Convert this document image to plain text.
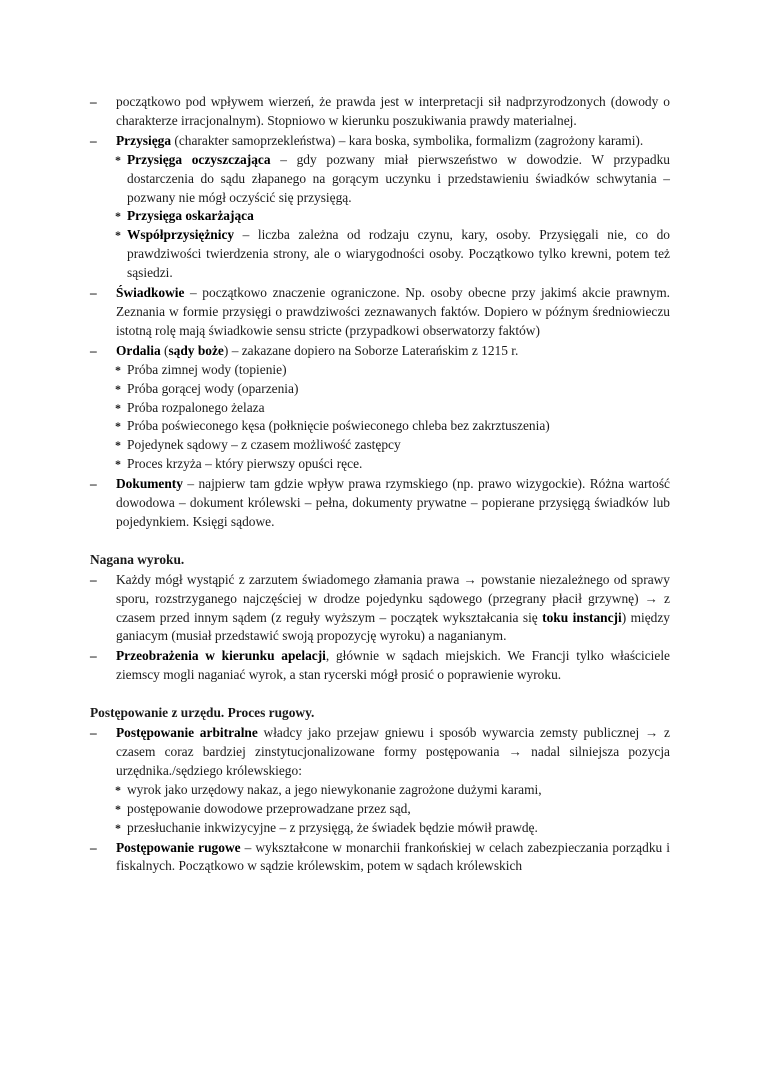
– początkowo pod wpływem wierzeń, że prawda jest w interpretacji sił nadprzyrodzonych (dowody o charakterze irracjonalnym). Stopniowo w kierunku poszukiwania prawdy materialnej.
– Przysięga (charakter samoprzekleństwa) – kara boska, symbolika, formalizm (zagrożony karami).
* Przysięga oczyszczająca – gdy pozwany miał pierwszeństwo w dowodzie. W przypadku dostarczenia do sądu złapanego na gorącym uczynku i przedstawieniu świadków schwytania – pozwany nie mógł oczyścić się przysięgą.
* Przysięga oskarżająca
* Współprzysiężnicy – liczba zależna od rodzaju czynu, kary, osoby. Przysięgali nie, co do prawdziwości twierdzenia strony, ale o wiarygodności osoby. Początkowo tylko krewni, potem też sąsiedzi.
– Świadkowie – początkowo znaczenie ograniczone. Np. osoby obecne przy jakimś akcie prawnym. Zeznania w formie przysięgi o prawdziwości zeznawanych faktów. Dopiero w późnym średniowieczu istotną rolę mają świadkowie sensu stricte (przypadkowi obserwatorzy faktów)
– Ordalia (sądy boże) – zakazane dopiero na Soborze Laterańskim z 1215 r.
* Próba zimnej wody (topienie)
* Próba gorącej wody (oparzenia)
* Próba rozpalonego żelaza
* Próba poświeconego kęsa (połknięcie poświeconego chleba bez zakrztuszenia)
* Pojedynek sądowy – z czasem możliwość zastępcy
* Proces krzyża – który pierwszy opuści ręce.
– Dokumenty – najpierw tam gdzie wpływ prawa rzymskiego (np. prawo wizygockie). Różna wartość dowodowa – dokument królewski – pełna, dokumenty prywatne – popierane przysięgą świadków lub pojedynkiem. Księgi sądowe.
Nagana wyroku.
– Każdy mógł wystąpić z zarzutem świadomego złamania prawa → powstanie niezależnego od sprawy sporu, rozstrzyganego najczęściej w drodze pojedynku sądowego (przegrany płacił grzywnę) → z czasem przed innym sądem (z reguły wyższym – początek wykształcania się toku instancji) między ganiacym (musiał przedstawić swoją propozycję wyroku) a naganianym.
– Przeobrażenia w kierunku apelacji, głównie w sądach miejskich. We Francji tylko właściciele ziemscy mogli naganiać wyrok, a stan rycerski mógł prosić o poprawienie wyroku.
Postępowanie z urzędu. Proces rugowy.
– Postępowanie arbitralne władcy jako przejaw gniewu i sposób wywarcia zemsty publicznej → z czasem coraz bardziej zinstytucjonalizowane formy postępowania → nadal silniejsza pozycja urzędnika./sędziego królewskiego:
* wyrok jako urzędowy nakaz, a jego niewykonanie zagrożone dużymi karami,
* postępowanie dowodowe przeprowadzane przez sąd,
* przesłuchanie inkwizycyjne – z przysięgą, że świadek będzie mówił prawdę.
– Postępowanie rugowe – wykształcone w monarchii frankońskiej w celach zabezpieczania porządku i fiskalnych. Początkowo w sądzie królewskim, potem w sądach królewskich
